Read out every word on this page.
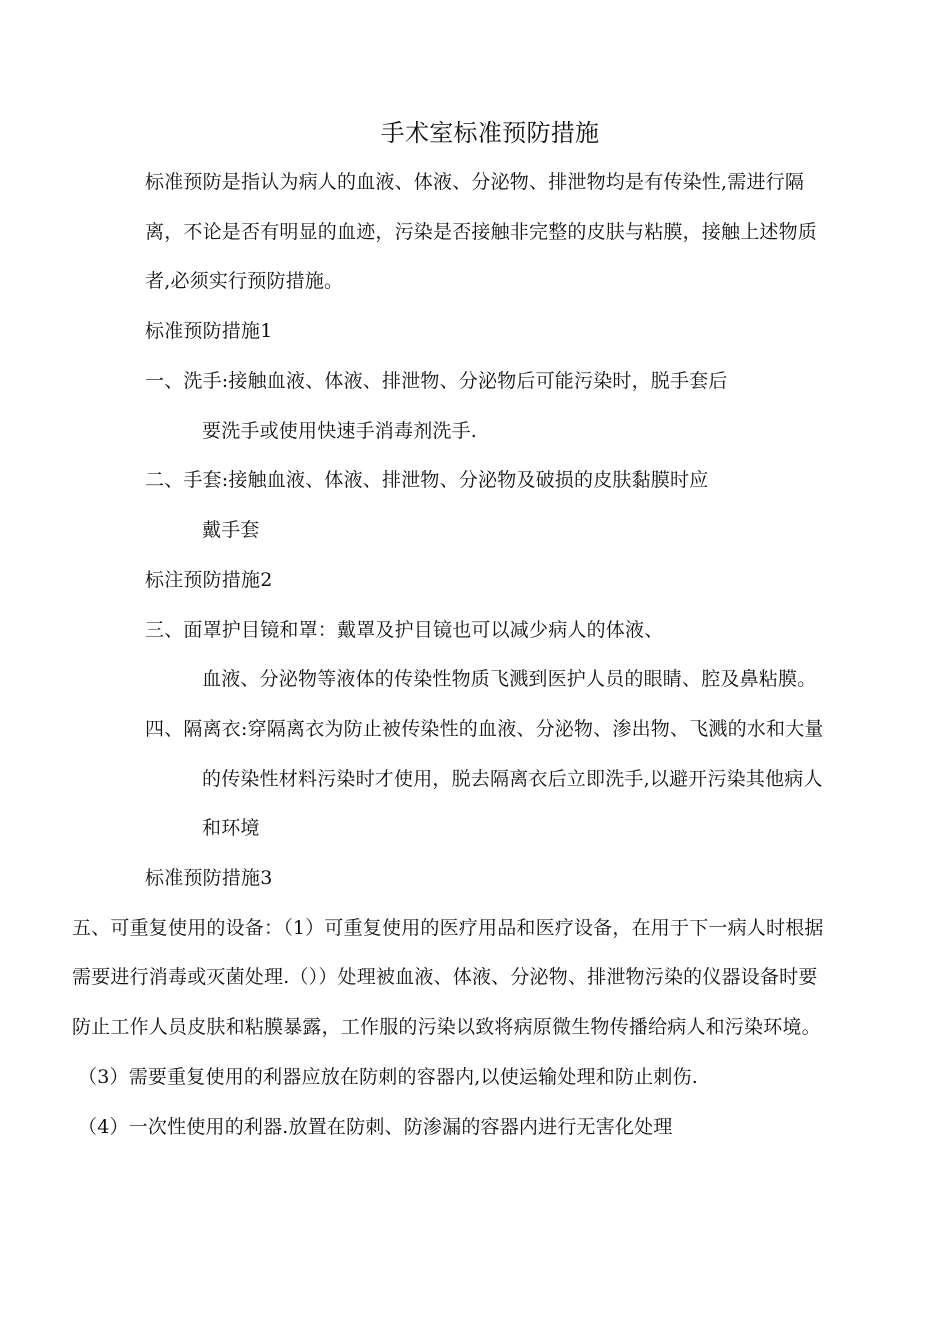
手术室标准预防措施
标准预防是指认为病人的血液、体液、分泌物、排泄物均是有传染性,需进行隔
离，不论是否有明显的血迹，污染是否接触非完整的皮肤与粘膜，接触上述物质
者,必须实行预防措施。
标准预防措施1
一、洗手:接触血液、体液、排泄物、分泌物后可能污染时，脱手套后
要洗手或使用快速手消毒剂洗手.
二、手套:接触血液、体液、排泄物、分泌物及破损的皮肤黏膜时应
戴手套
标注预防措施2
三、面罩护目镜和罩：戴罩及护目镜也可以减少病人的体液、
血液、分泌物等液体的传染性物质飞溅到医护人员的眼睛、腔及鼻粘膜。
四、隔离衣:穿隔离衣为防止被传染性的血液、分泌物、渗出物、飞溅的水和大量
的传染性材料污染时才使用，脱去隔离衣后立即洗手,以避开污染其他病人
和环境
标准预防措施3
五、可重复使用的设备：（1）可重复使用的医疗用品和医疗设备，在用于下一病人时根据
需要进行消毒或灭菌处理.（））处理被血液、体液、分泌物、排泄物污染的仪器设备时要
防止工作人员皮肤和粘膜暴露，工作服的污染以致将病原微生物传播给病人和污染环境。
（3）需要重复使用的利器应放在防刺的容器内,以使运输处理和防止刺伤.
（4）一次性使用的利器.放置在防刺、防渗漏的容器内进行无害化处理
